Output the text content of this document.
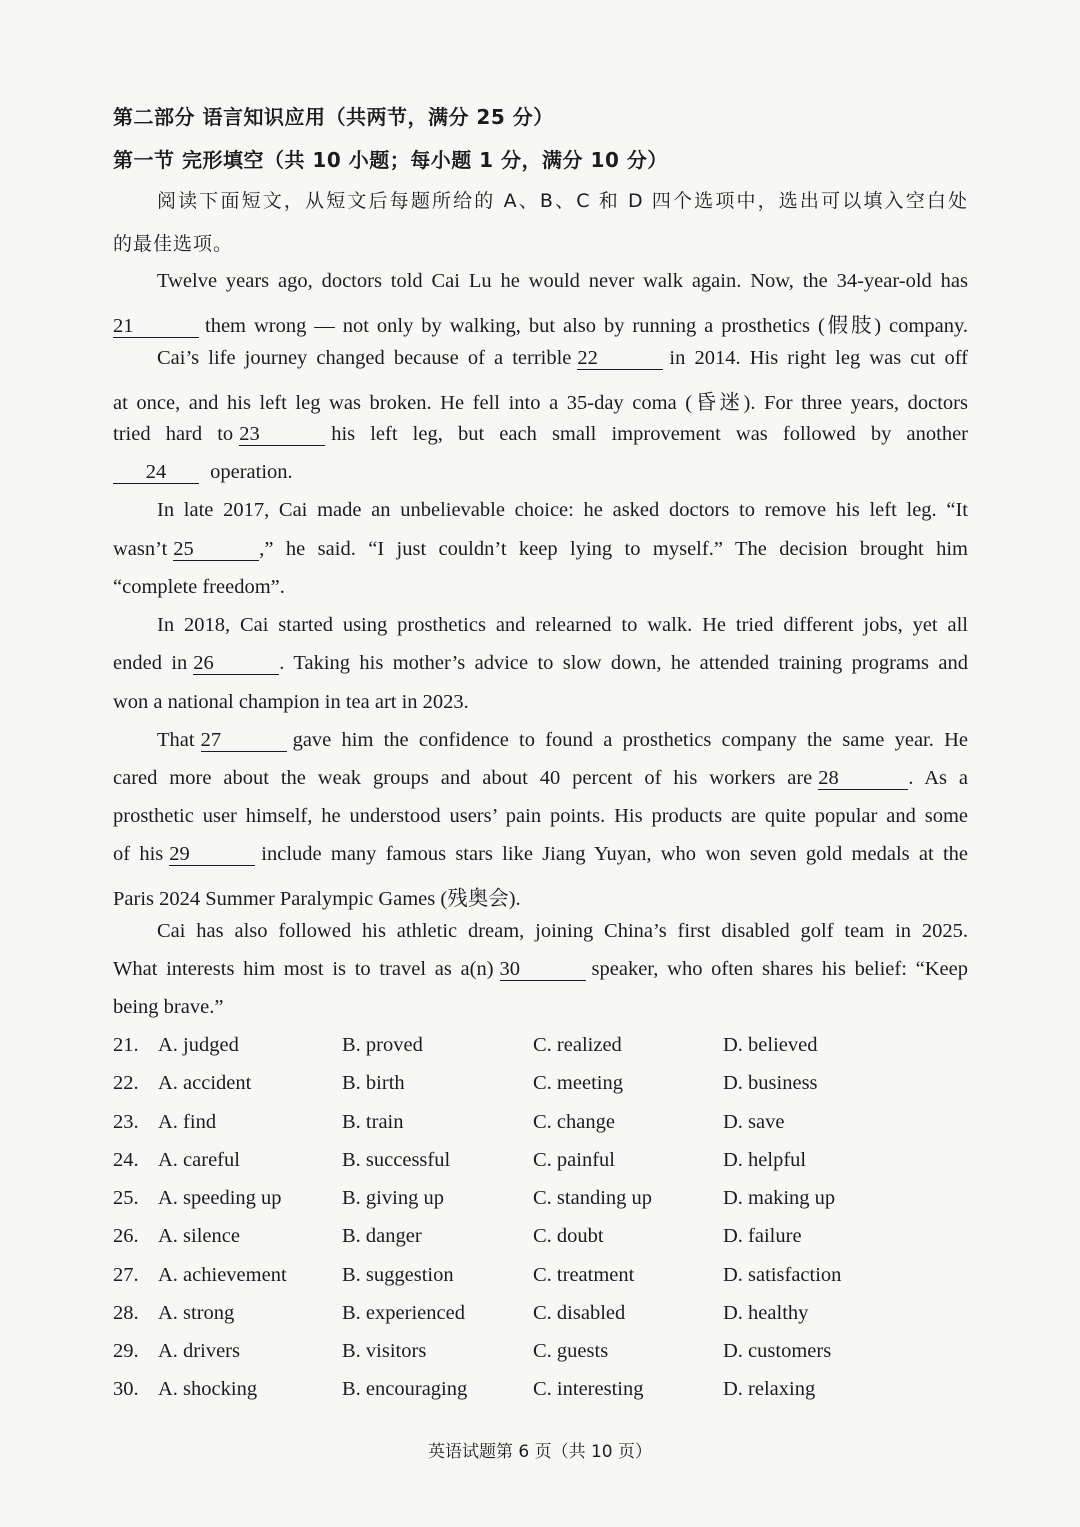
第二部分 语言知识应用（共两节，满分 25 分）
第一节 完形填空（共 10 小题；每小题 1 分，满分 10 分）
阅读下面短文，从短文后每题所给的 A、B、C 和 D 四个选项中，选出可以填入空白处
的最佳选项。
Twelve years ago, doctors told Cai Lu he would never walk again. Now, the 34-year-old has
21	them wrong — not only by walking, but also by running a prosthetics (假肢) company.
Cai’s life journey changed because of a terrible 22	in 2014. His right leg was cut off
at once, and his left leg was broken. He fell into a 35-day coma (昏迷). For three years, doctors
tried hard to 23	his left leg, but each small improvement was followed by another
24 operation.
In late 2017, Cai made an unbelievable choice: he asked doctors to remove his left leg. “It
wasn’t 25	,” he said. “I just couldn’t keep lying to myself.” The decision brought him
“complete freedom”.
In 2018, Cai started using prosthetics and relearned to walk. He tried different jobs, yet all
ended in 26	. Taking his mother’s advice to slow down, he attended training programs and
won a national champion in tea art in 2023.
That 27	gave him the confidence to found a prosthetics company the same year. He
cared more about the weak groups and about 40 percent of his workers are 28	. As a
prosthetic user himself, he understood users’ pain points. His products are quite popular and some
of his 29	include many famous stars like Jiang Yuyan, who won seven gold medals at the
Paris 2024 Summer Paralympic Games (残奥会).
Cai has also followed his athletic dream, joining China’s first disabled golf team in 2025.
What interests him most is to travel as a(n) 30	speaker, who often shares his belief: “Keep
being brave.”
21. A. judged	B. proved	C. realized	D. believed
22. A. accident	B. birth	C. meeting	D. business
23. A. find	B. train	C. change	D. save
24. A. careful	B. successful	C. painful	D. helpful
25. A. speeding up	B. giving up	C. standing up	D. making up
26. A. silence	B. danger	C. doubt	D. failure
27. A. achievement	B. suggestion	C. treatment	D. satisfaction
28. A. strong	B. experienced	C. disabled	D. healthy
29. A. drivers	B. visitors	C. guests	D. customers
30. A. shocking	B. encouraging	C. interesting	D. relaxing
英语试题第 6 页（共 10 页）
